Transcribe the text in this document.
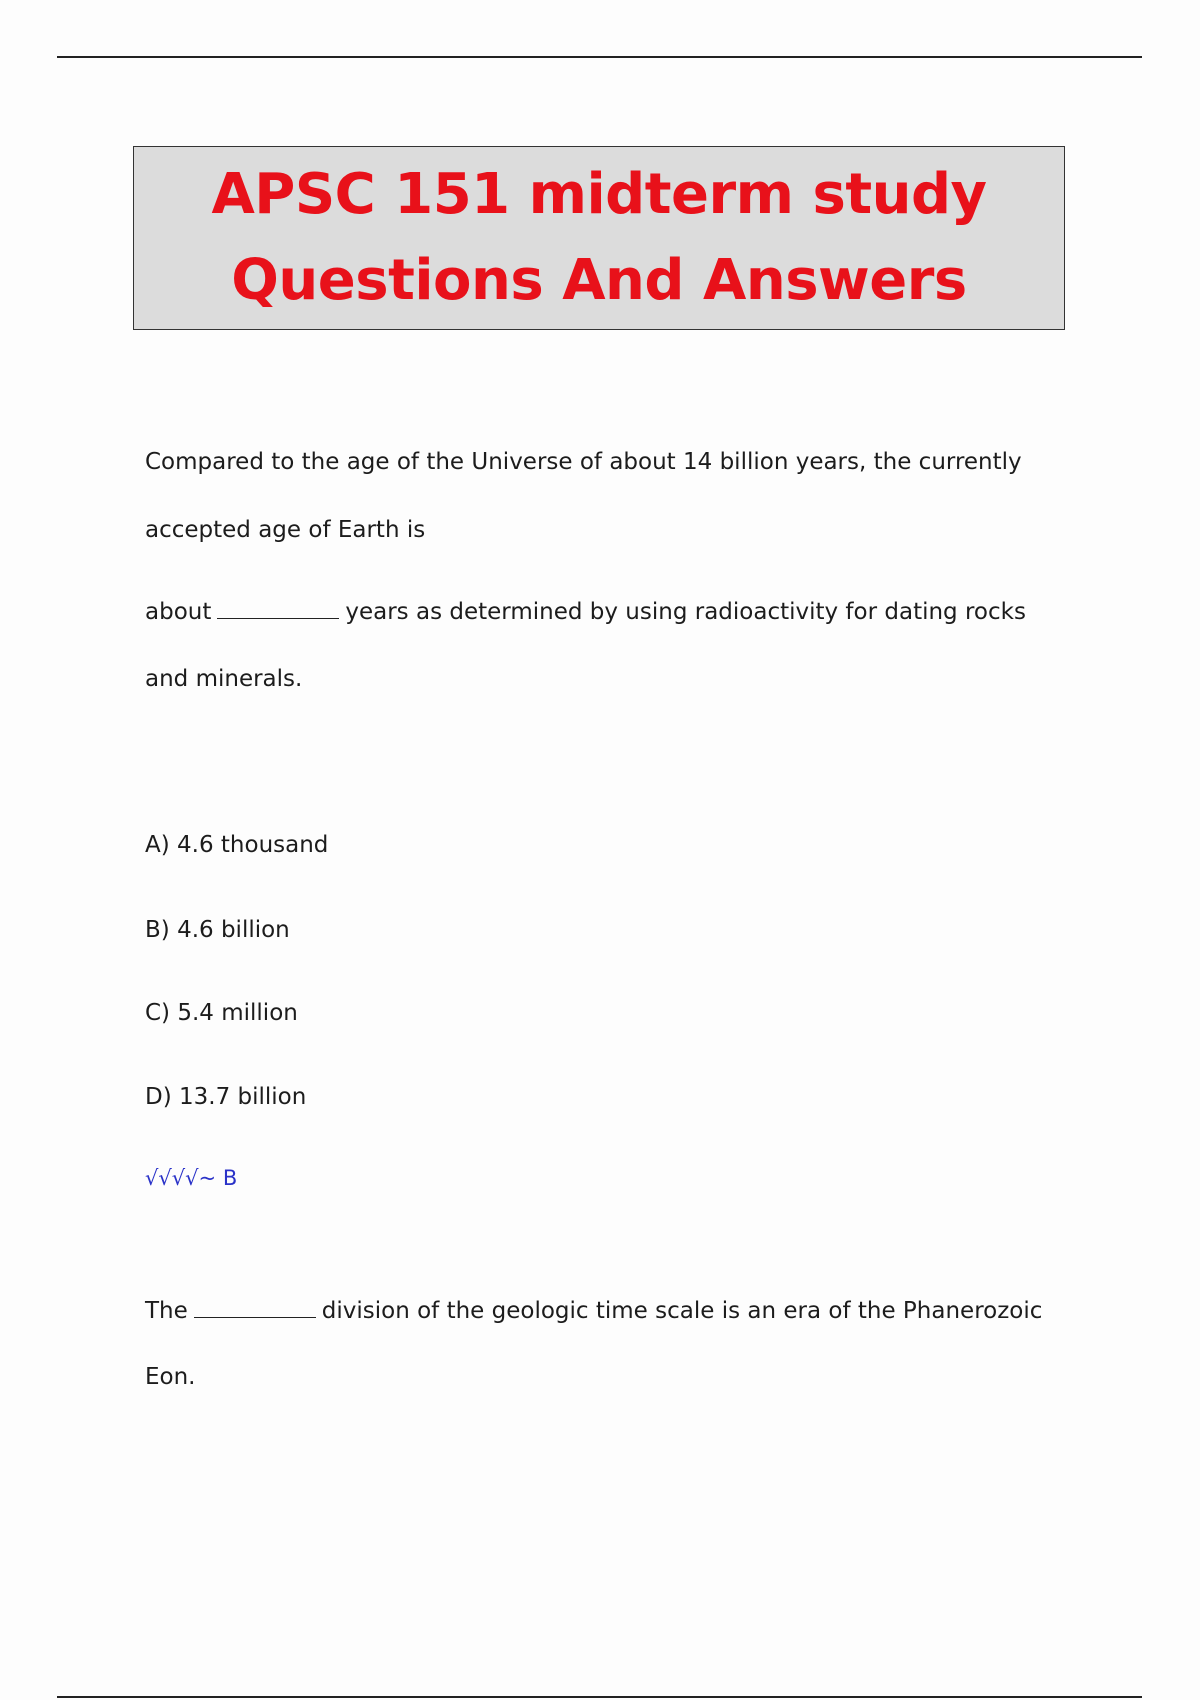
APSC 151 midterm study
Questions And Answers
Compared to the age of the Universe of about 14 billion years, the currently
accepted age of Earth is
about	years as determined by using radioactivity for dating rocks
and minerals.
A) 4.6 thousand
B) 4.6 billion
C) 5.4 million
D) 13.7 billion
√√√√~ B
The	division of the geologic time scale is an era of the Phanerozoic
Eon.
